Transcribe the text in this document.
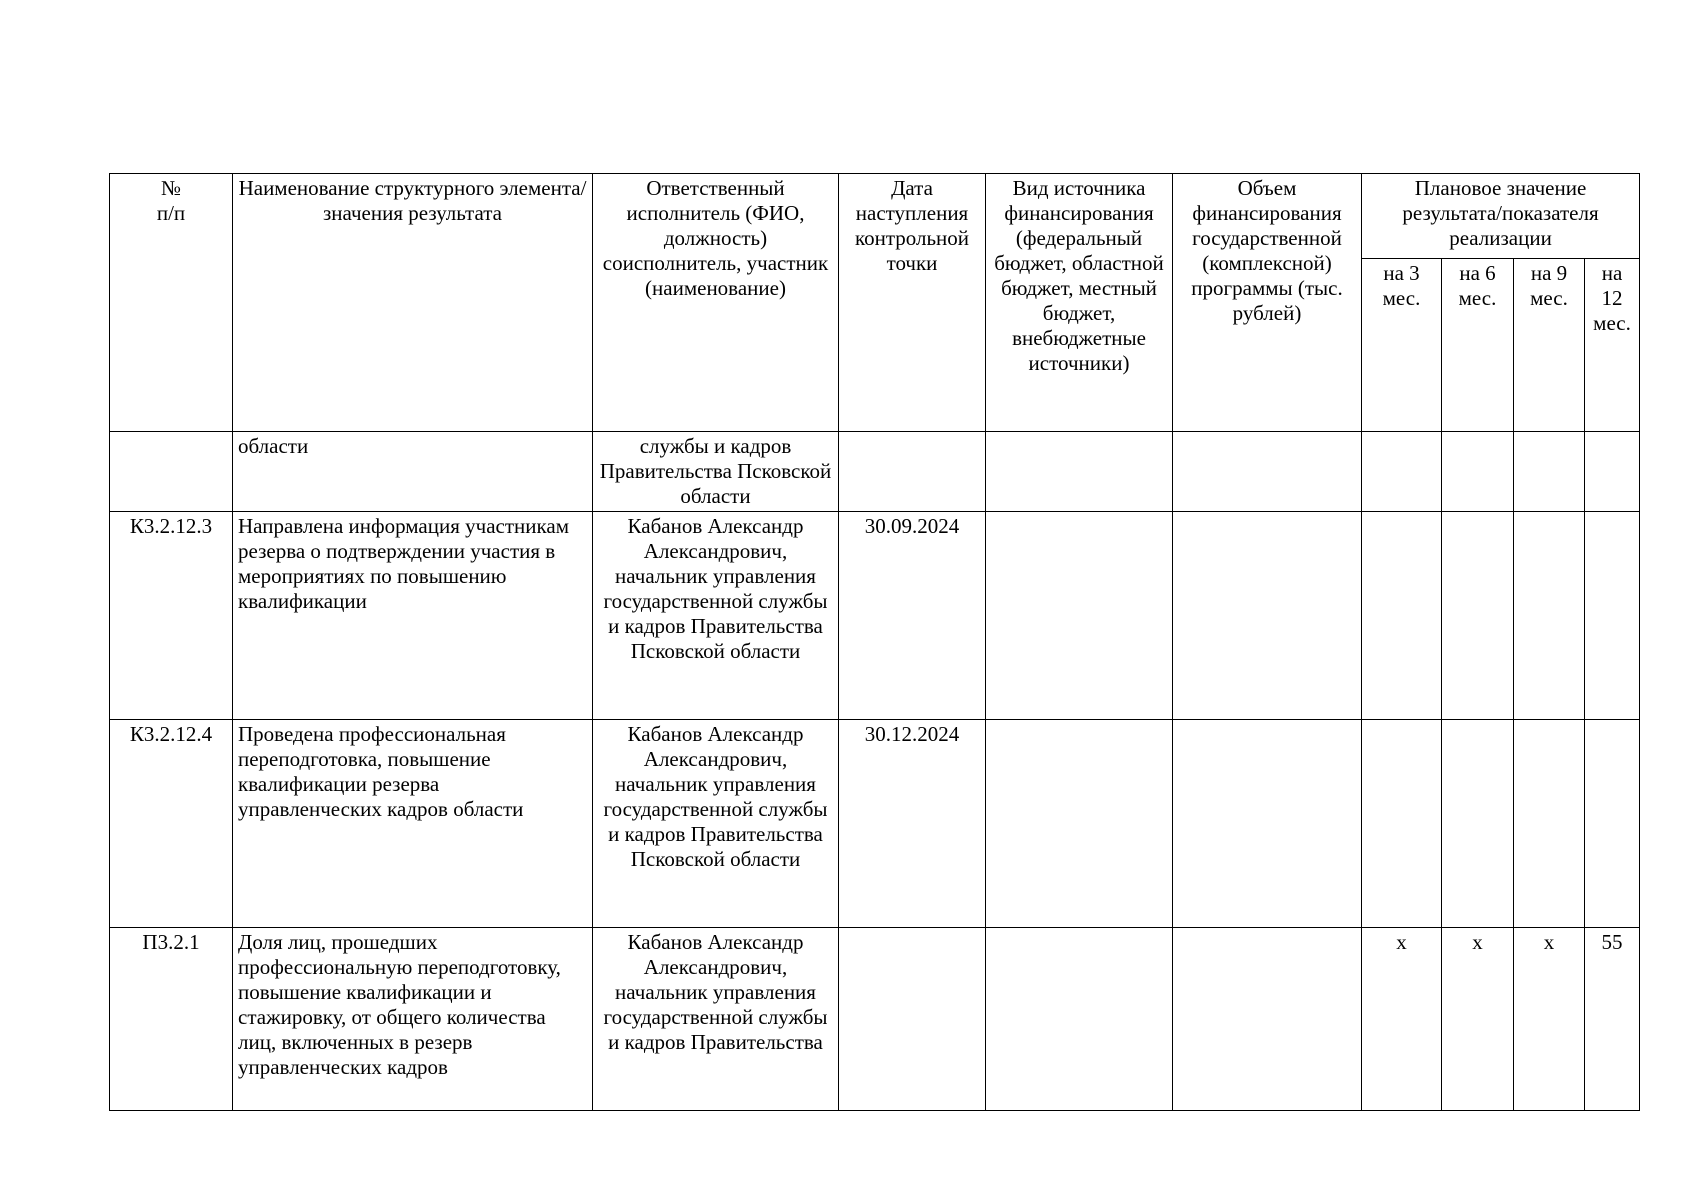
№
п/п	Наименование структурного элемента/ значения результата	Ответственный исполнитель (ФИО, должность) соисполнитель, участник (наименование)	Дата наступления контрольной точки	Вид источника финансирования (федеральный бюджет, областной бюджет, местный бюджет, внебюджетные источники)	Объем финансирования государственной (комплексной) программы (тыс. рублей)	Плановое значение результата/показателя реализации			
						на 3 мес.	на 6 мес.	на 9 мес.	на 12 мес.
	области	службы и кадров Правительства Псковской области							
К3.2.12.3	Направлена информация участникам резерва о подтверждении участия в мероприятиях по повышению квалификации	Кабанов Александр Александрович, начальник управления государственной службы и кадров Правительства Псковской области	30.09.2024						
К3.2.12.4	Проведена профессиональная переподготовка, повышение квалификации резерва управленческих кадров области	Кабанов Александр Александрович, начальник управления государственной службы и кадров Правительства Псковской области	30.12.2024						
П3.2.1	Доля лиц, прошедших профессиональную переподготовку, повышение квалификации и стажировку, от общего количества лиц, включенных в резерв управленческих кадров	Кабанов Александр Александрович, начальник управления государственной службы и кадров Правительства				х	х	х	55
